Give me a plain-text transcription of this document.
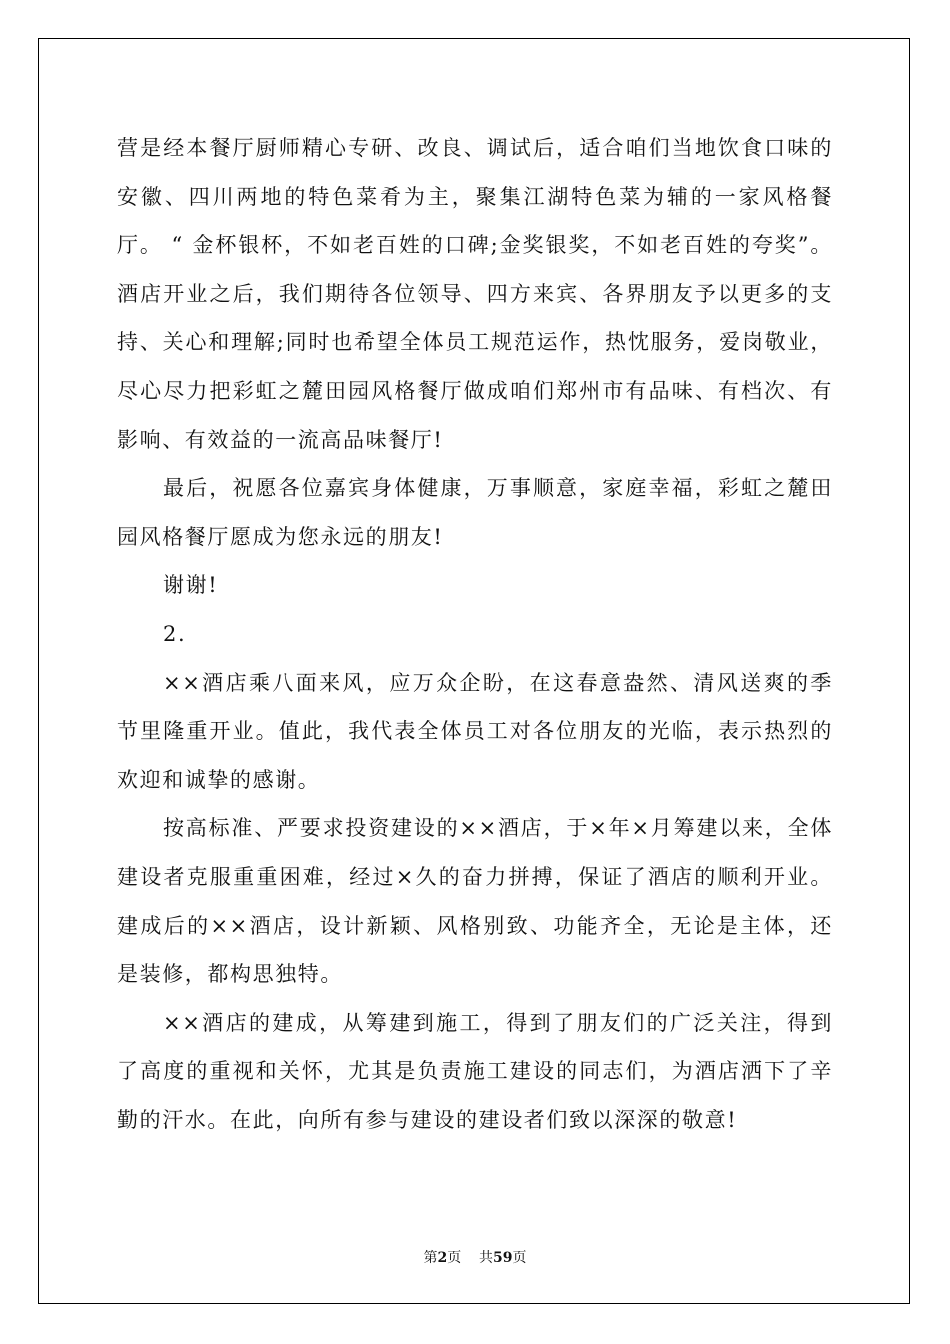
营是经本餐厅厨师精心专研、改良、调试后，适合咱们当地饮食口味的安徽、四川两地的特色菜肴为主，聚集江湖特色菜为辅的一家风格餐厅。 “ 金杯银杯，不如老百姓的口碑;金奖银奖，不如老百姓的夸奖”。酒店开业之后，我们期待各位领导、四方来宾、各界朋友予以更多的支持、关心和理解;同时也希望全体员工规范运作，热忱服务，爱岗敬业，尽心尽力把彩虹之麓田园风格餐厅做成咱们郑州市有品味、有档次、有影响、有效益的一流高品味餐厅!

最后，祝愿各位嘉宾身体健康，万事顺意，家庭幸福，彩虹之麓田园风格餐厅愿成为您永远的朋友!

谢谢!

2.

××酒店乘八面来风，应万众企盼，在这春意盎然、清风送爽的季节里隆重开业。值此，我代表全体员工对各位朋友的光临，表示热烈的欢迎和诚挚的感谢。

按高标准、严要求投资建设的××酒店，于×年×月筹建以来，全体建设者克服重重困难，经过×久的奋力拼搏，保证了酒店的顺利开业。建成后的××酒店，设计新颖、风格别致、功能齐全，无论是主体，还是装修，都构思独特。

××酒店的建成，从筹建到施工，得到了朋友们的广泛关注，得到了高度的重视和关怀，尤其是负责施工建设的同志们，为酒店洒下了辛勤的汗水。在此，向所有参与建设的建设者们致以深深的敬意!

第2页 共59页
